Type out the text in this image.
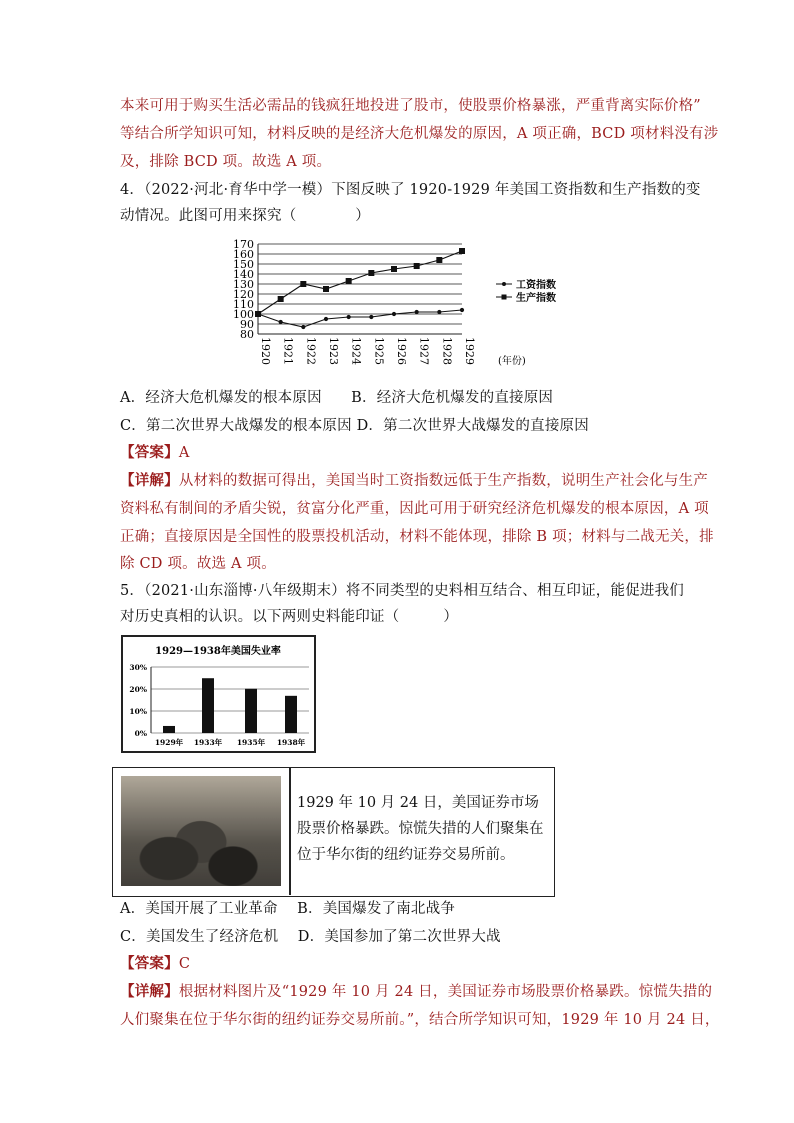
本来可用于购买生活必需品的钱疯狂地投进了股市，使股票价格暴涨，严重背离实际价格”
等结合所学知识可知，材料反映的是经济大危机爆发的原因，A 项正确，BCD 项材料没有涉
及，排除 BCD 项。故选 A 项。
4．（2022·河北·育华中学一模）下图反映了 1920-1929 年美国工资指数和生产指数的变
动情况。此图可用来探究（　　　　）
80
90
100
110
120
130
140
150
160
170
1920 1921 1922 1923 1924 1925 1926 1927 1928 1929
工资指数
生产指数
(年份)
A．经济大危机爆发的根本原因　　B．经济大危机爆发的直接原因
C．第二次世界大战爆发的根本原因 D．第二次世界大战爆发的直接原因
【答案】A
【详解】从材料的数据可得出，美国当时工资指数远低于生产指数，说明生产社会化与生产
资料私有制间的矛盾尖锐，贫富分化严重，因此可用于研究经济危机爆发的根本原因，A 项
正确；直接原因是全国性的股票投机活动，材料不能体现，排除 B 项；材料与二战无关，排
除 CD 项。故选 A 项。
5．（2021·山东淄博·八年级期末）将不同类型的史料相互结合、相互印证，能促进我们
对历史真相的认识。以下两则史料能印证（　　　）
1929—1938年美国失业率
0%
10%
20%
30%
1929年 1933年 1935年 1938年
1929 年 10 月 24 日，美国证券市场股票价格暴跌。惊慌失措的人们聚集在位于华尔街的纽约证券交易所前。
A．美国开展了工业革命　 B．美国爆发了南北战争
C．美国发生了经济危机　 D．美国参加了第二次世界大战
【答案】C
【详解】根据材料图片及“1929 年 10 月 24 日，美国证券市场股票价格暴跌。惊慌失措的
人们聚集在位于华尔街的纽约证券交易所前。”，结合所学知识可知，1929 年 10 月 24 日，
